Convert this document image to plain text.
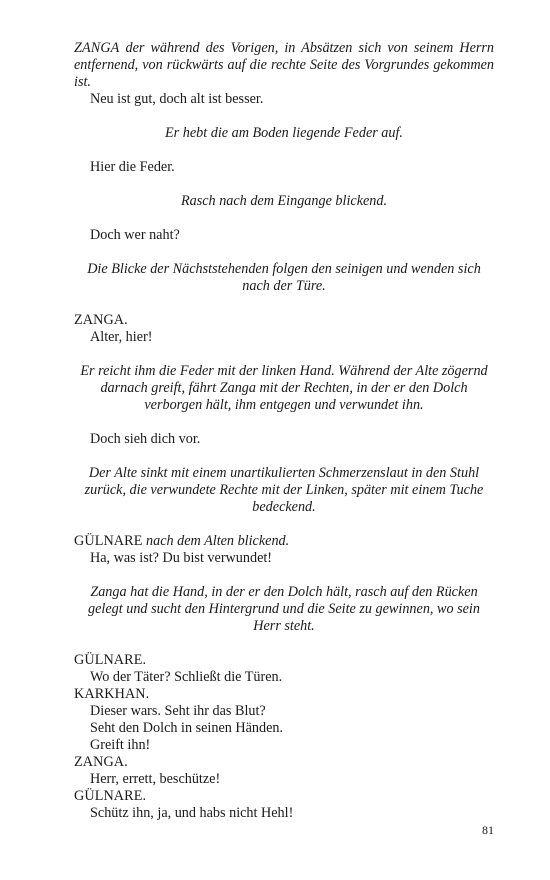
ZANGA der während des Vorigen, in Absätzen sich von seinem Herrn entfernend, von rückwärts auf die rechte Seite des Vorgrundes gekommen ist.

Neu ist gut, doch alt ist besser.

Er hebt die am Boden liegende Feder auf.

Hier die Feder.

Rasch nach dem Eingange blickend.

Doch wer naht?

Die Blicke der Nächststehenden folgen den seinigen und wenden sich nach der Türe.

ZANGA.

Alter, hier!

Er reicht ihm die Feder mit der linken Hand. Während der Alte zögernd darnach greift, fährt Zanga mit der Rechten, in der er den Dolch verborgen hält, ihm entgegen und verwundet ihn.

Doch sieh dich vor.

Der Alte sinkt mit einem unartikulierten Schmerzenslaut in den Stuhl zurück, die verwundete Rechte mit der Linken, später mit einem Tuche bedeckend.

GÜLNARE nach dem Alten blickend.

Ha, was ist? Du bist verwundet!

Zanga hat die Hand, in der er den Dolch hält, rasch auf den Rücken gelegt und sucht den Hintergrund und die Seite zu gewinnen, wo sein Herr steht.

GÜLNARE.

Wo der Täter? Schließt die Türen.

KARKHAN.

Dieser wars. Seht ihr das Blut?

Seht den Dolch in seinen Händen.

Greift ihn!

ZANGA.

Herr, errett, beschütze!

GÜLNARE.

Schütz ihn, ja, und habs nicht Hehl!

81
